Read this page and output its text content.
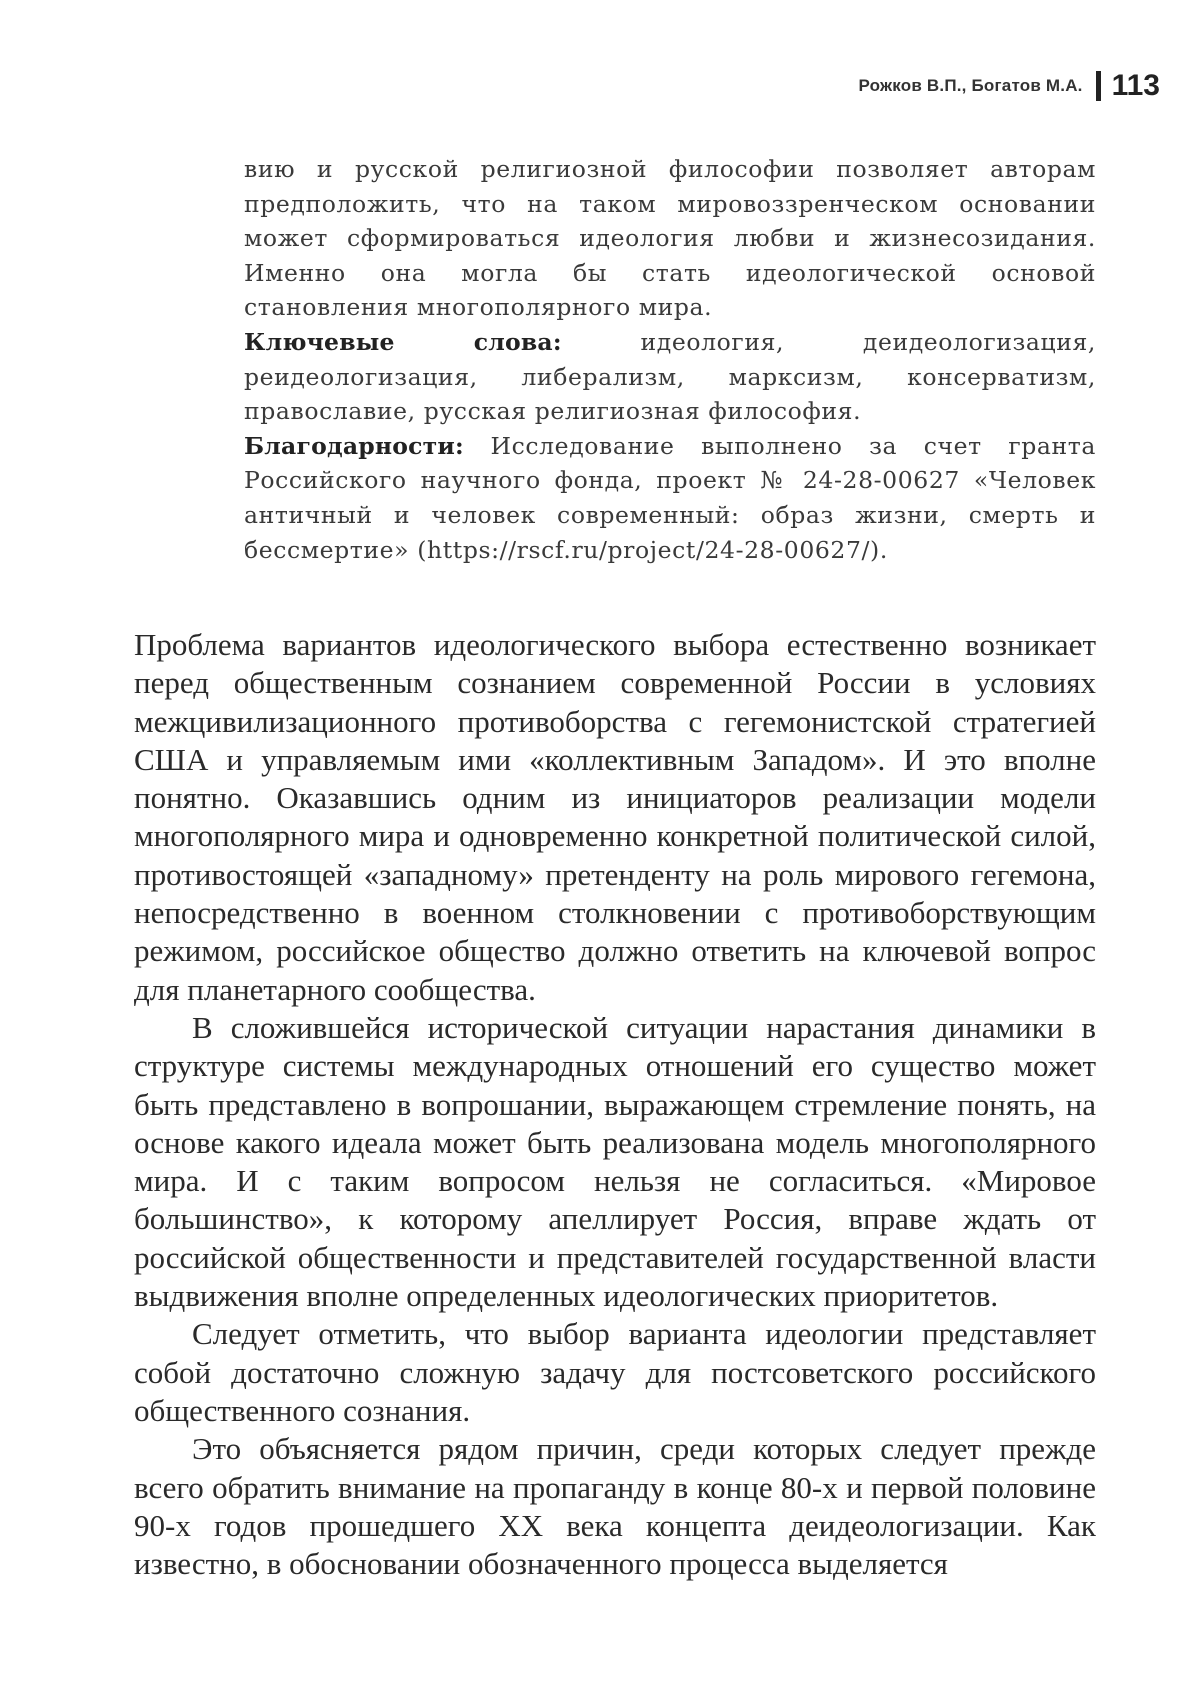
Рожков В.П., Богатов М.А. 113

вию и русской религиозной философии позволяет авторам предположить, что на таком мировоззренческом основании может сформироваться идеология любви и жизнесозидания. Именно она могла бы стать идеологической основой становления многополярного мира.

Ключевые слова: идеология, деидеологизация, реидеологизация, либерализм, марксизм, консерватизм, православие, русская религиозная философия.

Благодарности: Исследование выполнено за счет гранта Российского научного фонда, проект № 24-28-00627 «Человек античный и человек современный: образ жизни, смерть и бессмертие» (https://rscf.ru/project/24-28-00627/).

Проблема вариантов идеологического выбора естественно возникает перед общественным сознанием современной России в условиях межцивилизационного противоборства с гегемонистской стратегией США и управляемым ими «коллективным Западом». И это вполне понятно. Оказавшись одним из инициаторов реализации модели многополярного мира и одновременно конкретной политической силой, противостоящей «западному» претенденту на роль мирового гегемона, непосредственно в военном столкновении с противоборствующим режимом, российское общество должно ответить на ключевой вопрос для планетарного сообщества.

В сложившейся исторической ситуации нарастания динамики в структуре системы международных отношений его существо может быть представлено в вопрошании, выражающем стремление понять, на основе какого идеала может быть реализована модель многополярного мира. И с таким вопросом нельзя не согласиться. «Мировое большинство», к которому апеллирует Россия, вправе ждать от российской общественности и представителей государственной власти выдвижения вполне определенных идеологических приоритетов.

Следует отметить, что выбор варианта идеологии представляет собой достаточно сложную задачу для постсоветского российского общественного сознания.

Это объясняется рядом причин, среди которых следует прежде всего обратить внимание на пропаганду в конце 80-х и первой половине 90-х годов прошедшего XX века концепта деидеологизации. Как известно, в обосновании обозначенного процесса выделяется
